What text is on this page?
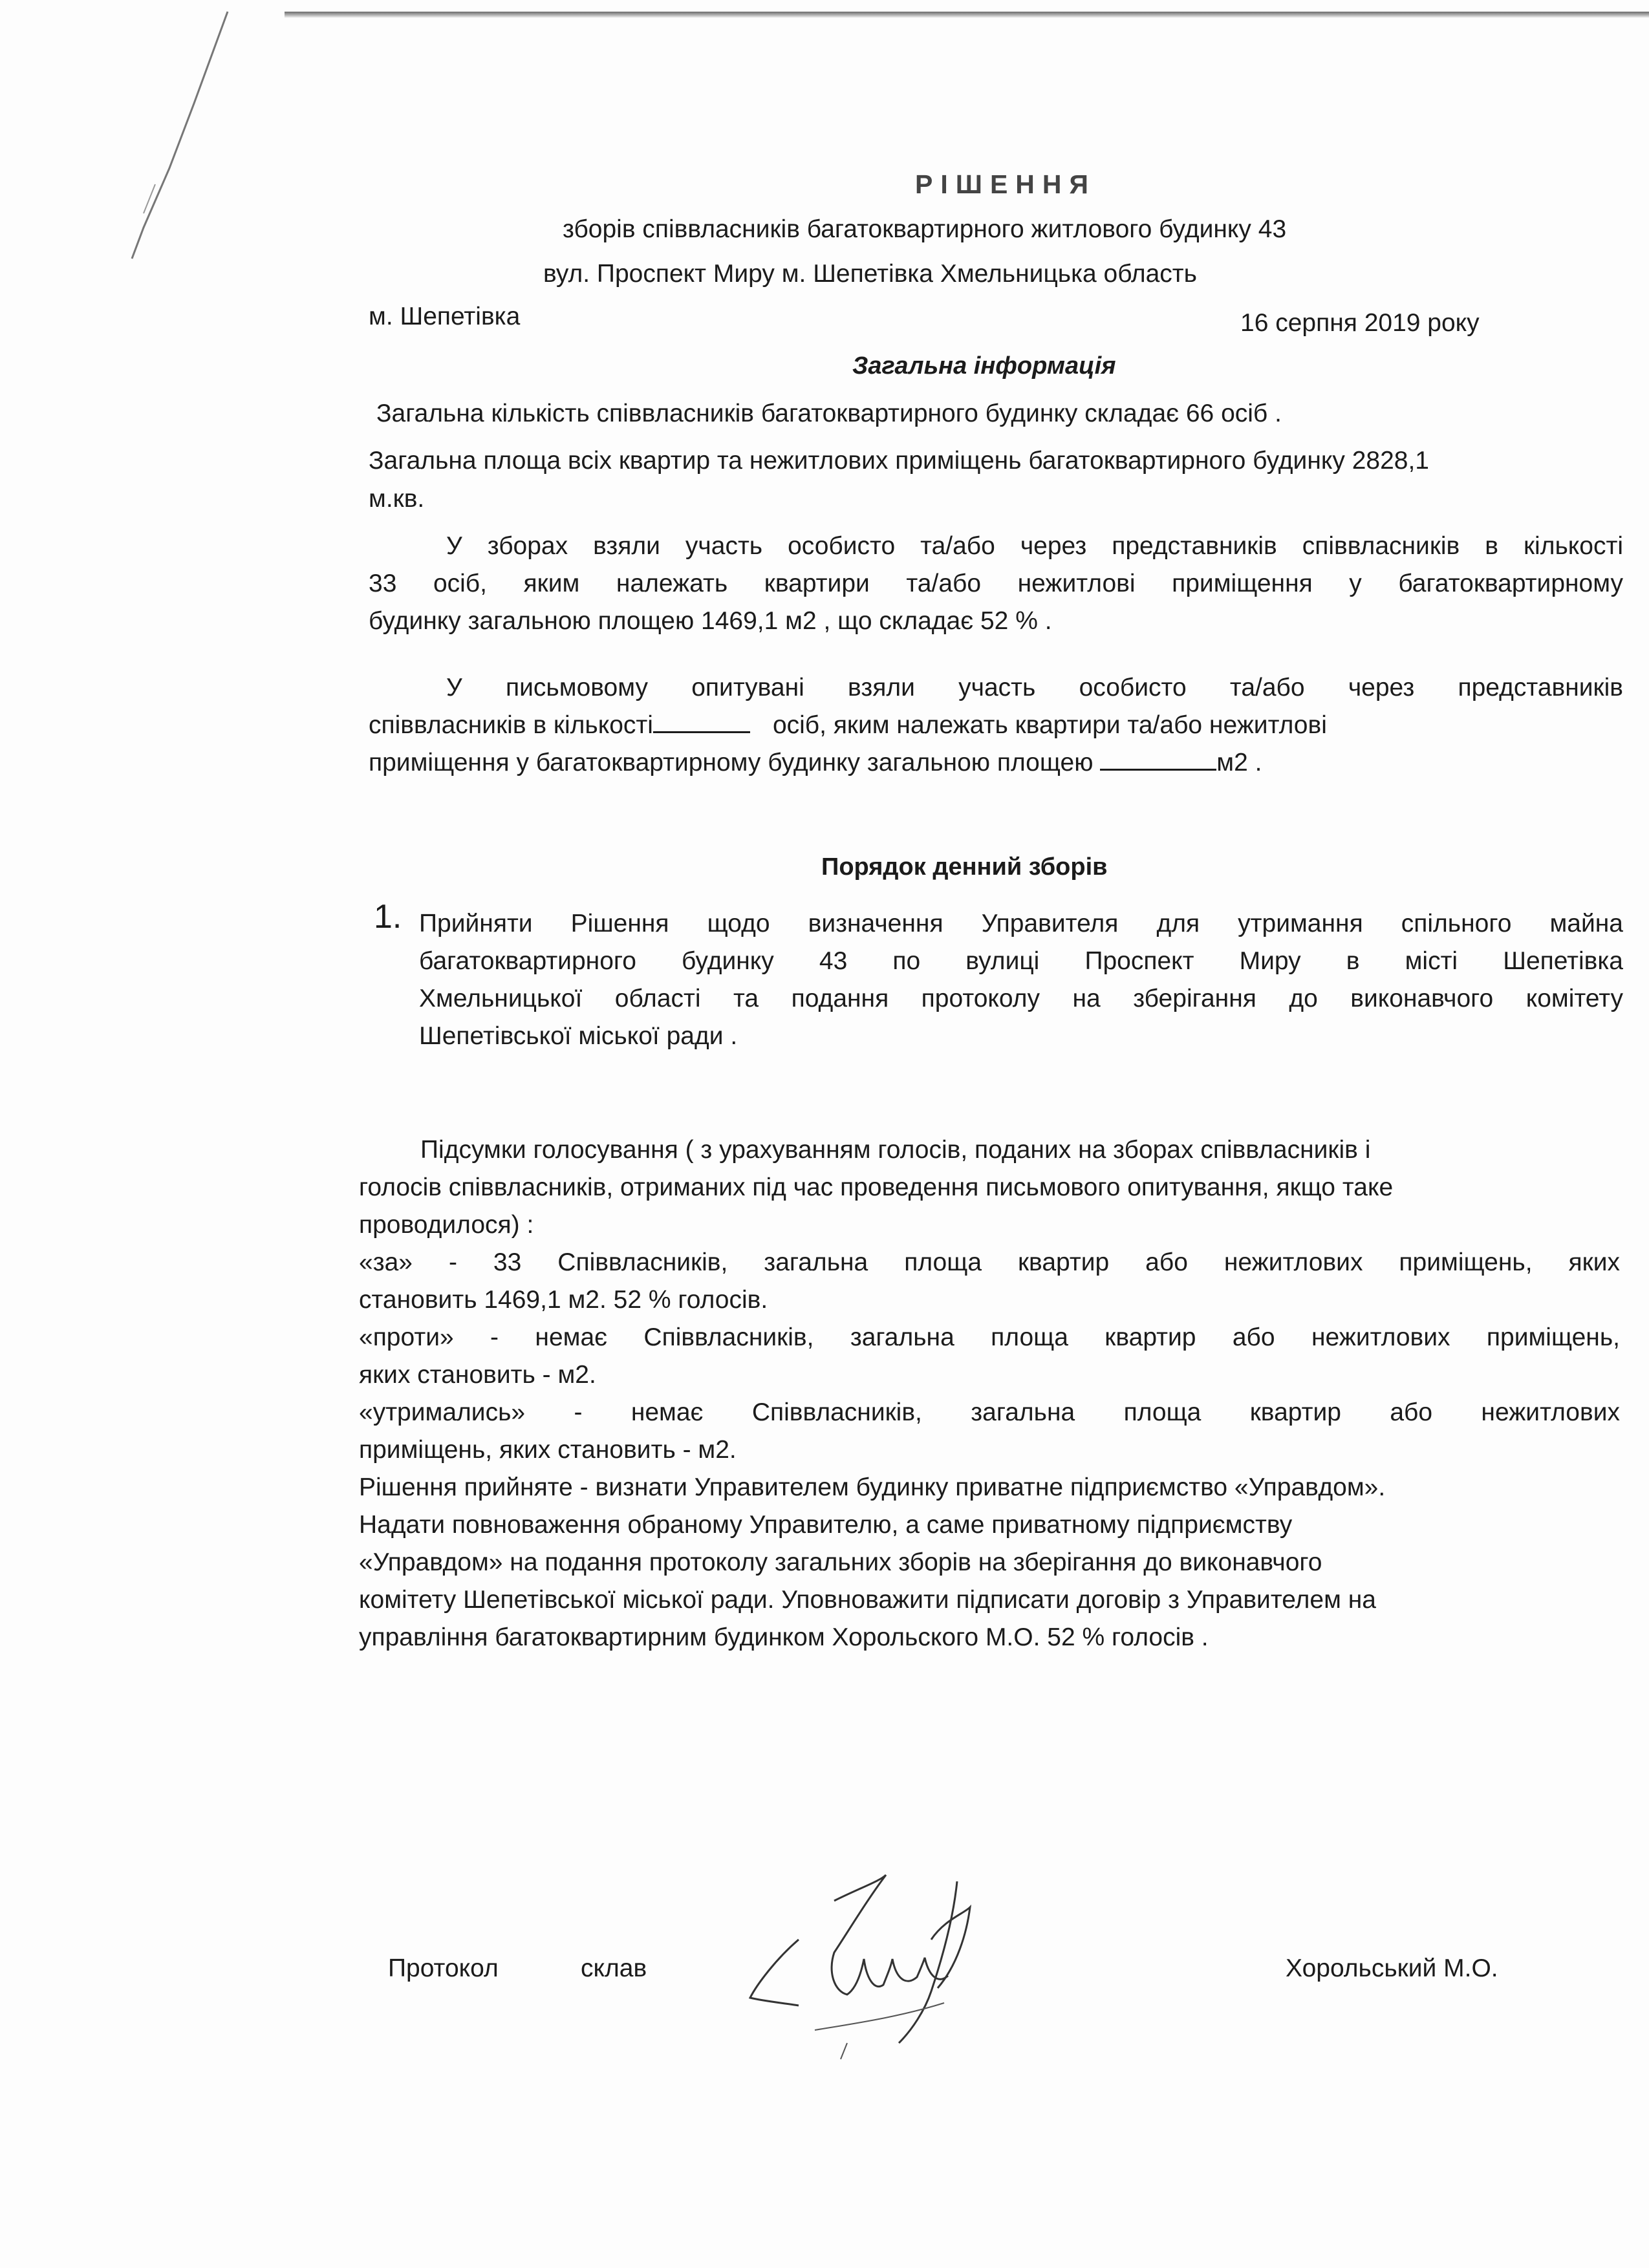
РІШЕННЯ
зборів співвласників багатоквартирного житлового будинку 43
вул. Проспект Миру м. Шепетівка Хмельницька область
м. Шепетівка	16 серпня 2019 року
Загальна інформація
Загальна кількість співвласників багатоквартирного будинку складає 66 осіб .
Загальна площа всіх квартир та нежитлових приміщень багатоквартирного будинку 2828,1
м.кв.
У зборах взяли участь особисто та/або через представників співвласників в кількості
33 осіб, яким належать квартири та/або нежитлові приміщення у багатоквартирному
будинку загальною площею 1469,1 м2 , що складає 52 % .
У письмовому опитувані взяли участь особисто та/або через представників
співвласників в кількості	осіб, яким належать квартири та/або нежитлові
приміщення у багатоквартирному будинку загальною площею	м2 .
Порядок денний зборів
1. Прийняти Рішення щодо визначення Управителя для утримання спільного майна
багатоквартирного будинку 43 по вулиці Проспект Миру в місті Шепетівка
Хмельницької області та подання протоколу на зберігання до виконавчого комітету
Шепетівської міської ради .
Підсумки голосування ( з урахуванням голосів, поданих на зборах співвласників і
голосів співвласників, отриманих під час проведення письмового опитування, якщо таке
проводилося) :
«за» - 33 Співвласників, загальна площа квартир або нежитлових приміщень, яких
становить 1469,1 м2. 52 % голосів.
«проти» - немає Співвласників, загальна площа квартир або нежитлових приміщень,
яких становить - м2.
«утримались» - немає Співвласників, загальна площа квартир або нежитлових
приміщень, яких становить - м2.
Рішення прийняте - визнати Управителем будинку приватне підприємство «Управдом».
Надати повноваження обраному Управителю, а саме приватному підприємству
«Управдом» на подання протоколу загальних зборів на зберігання до виконавчого
комітету Шепетівської міської ради. Уповноважити підписати договір з Управителем на
управління багатоквартирним будинком Хорольского М.О. 52 % голосів .
Протокол	склав	Хорольський М.О.
